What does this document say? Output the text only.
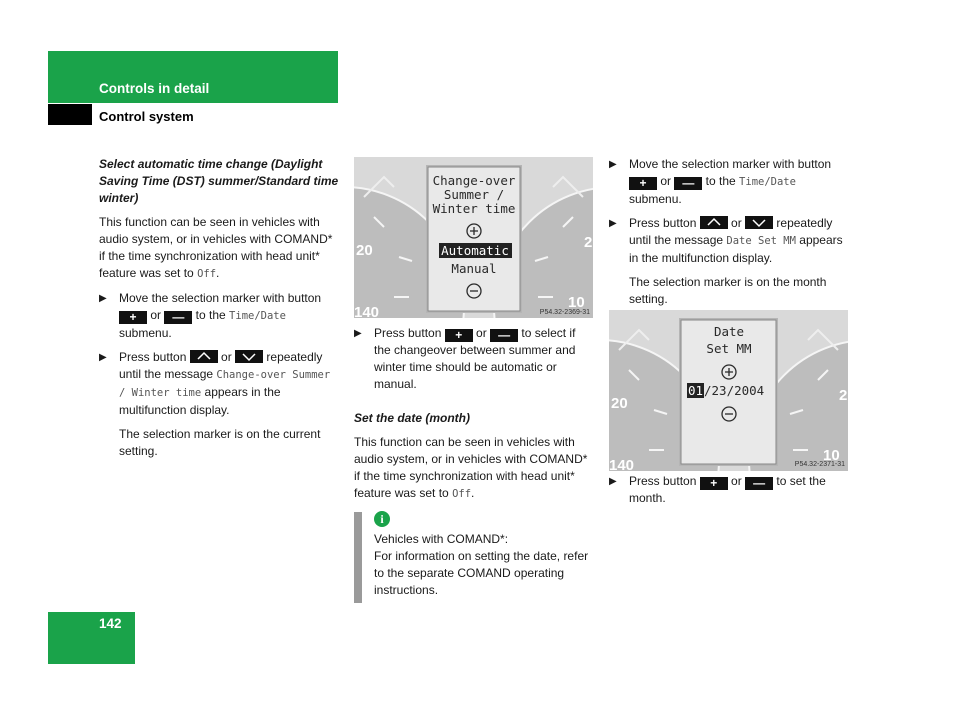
Controls in detail
Control system

Select automatic time change (Daylight Saving Time (DST) summer/Standard time winter)

This function can be seen in vehicles with audio system, or in vehicles with COMAND* if the time synchronization with head unit* feature was set to Off.

▶ Move the selection marker with button + or — to the Time/Date submenu.
▶ Press button  or  repeatedly until the message Change-over Summer / Winter time appears in the multifunction display.

The selection marker is on the current setting.

20
140
10
2
Change-over
Summer /
Winter time
Automatic
Manual
P54.32-2369-31
▶ Press button + or — to select if the changeover between summer and winter time should be automatic or manual.

Set the date (month)

This function can be seen in vehicles with audio system, or in vehicles with COMAND* if the time synchronization with head unit* feature was set to Off.

i
Vehicles with COMAND*:
For information on setting the date, refer to the separate COMAND operating instructions.
▶ Move the selection marker with button + or — to the Time/Date submenu.
▶ Press button  or  repeatedly until the message Date Set MM appears in the multifunction display.

The selection marker is on the month setting.

20
140
10
2
Date
Set MM
01 /23/2004
P54.32-2371-31
▶ Press button + or — to set the month.
142
